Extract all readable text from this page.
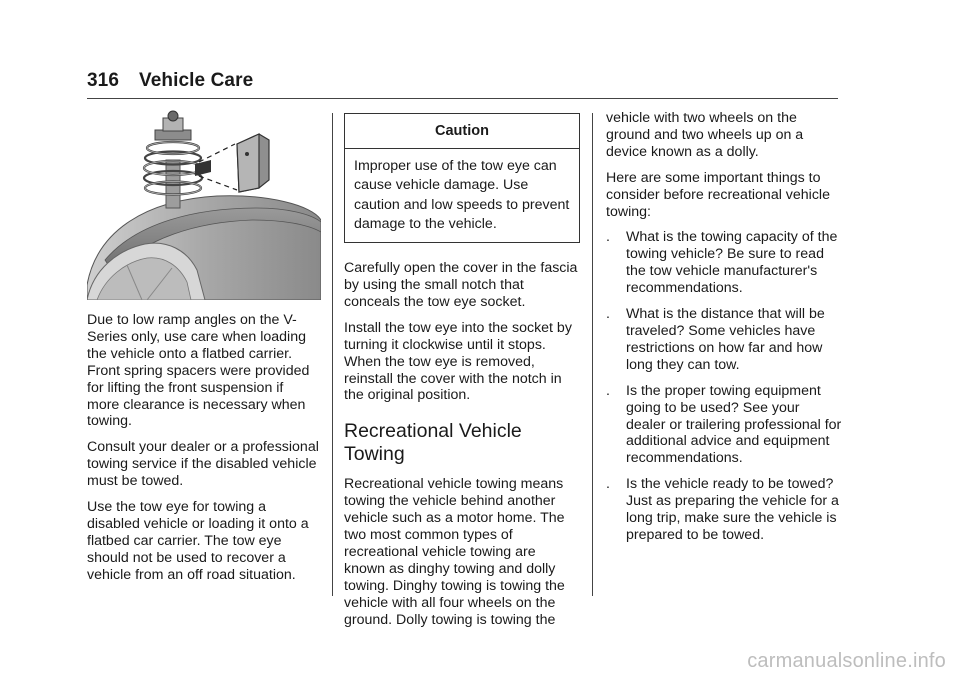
316 Vehicle Care

Due to low ramp angles on the V-Series only, use care when loading the vehicle onto a flatbed carrier. Front spring spacers were provided for lifting the front suspension if more clearance is necessary when towing.

Consult your dealer or a professional towing service if the disabled vehicle must be towed.

Use the tow eye for towing a disabled vehicle or loading it onto a flatbed car carrier. The tow eye should not be used to recover a vehicle from an off road situation.

Caution
Improper use of the tow eye can cause vehicle damage. Use caution and low speeds to prevent damage to the vehicle.

Carefully open the cover in the fascia by using the small notch that conceals the tow eye socket.

Install the tow eye into the socket by turning it clockwise until it stops. When the tow eye is removed, reinstall the cover with the notch in the original position.

Recreational Vehicle Towing

Recreational vehicle towing means towing the vehicle behind another vehicle such as a motor home. The two most common types of recreational vehicle towing are known as dinghy towing and dolly towing. Dinghy towing is towing the vehicle with all four wheels on the ground. Dolly towing is towing the

vehicle with two wheels on the ground and two wheels up on a device known as a dolly.

Here are some important things to consider before recreational vehicle towing:

. What is the towing capacity of the towing vehicle? Be sure to read the tow vehicle manufacturer's recommendations.
. What is the distance that will be traveled? Some vehicles have restrictions on how far and how long they can tow.
. Is the proper towing equipment going to be used? See your dealer or trailering professional for additional advice and equipment recommendations.
. Is the vehicle ready to be towed? Just as preparing the vehicle for a long trip, make sure the vehicle is prepared to be towed.
carmanualsonline.info
